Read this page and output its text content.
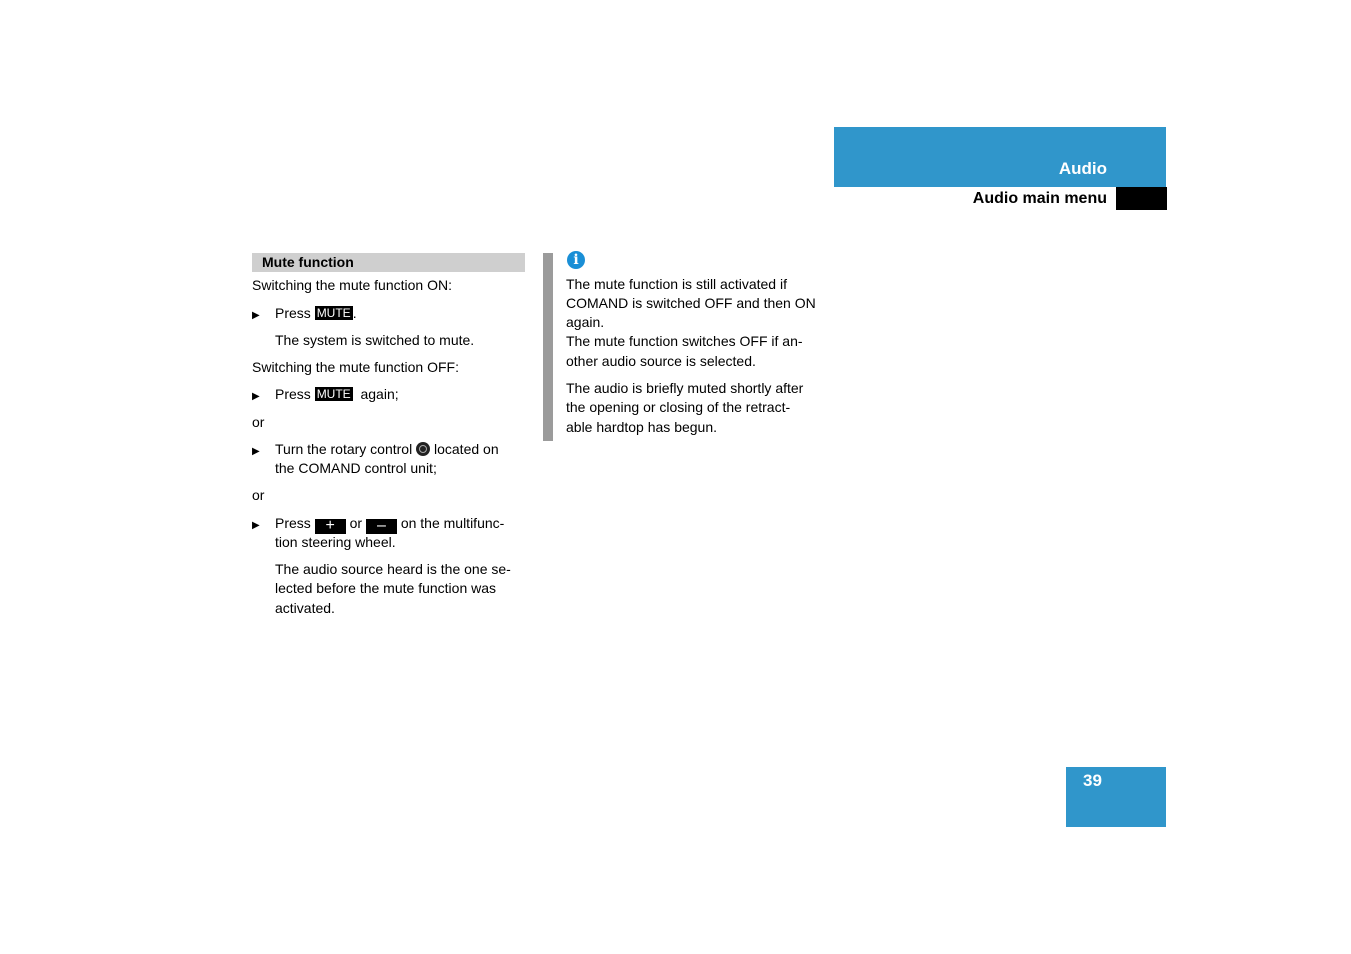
Audio
Audio main menu
Mute function
Switching the mute function ON:
▶ Press MUTE .
The system is switched to mute.
Switching the mute function OFF:
▶ Press MUTE again;
or
▶ Turn the rotary control located on
the COMAND control unit;
or
▶ Press + or – on the multifunc-
tion steering wheel.
The audio source heard is the one se-
lected before the mute function was
activated.
i
The mute function is still activated if
COMAND is switched OFF and then ON
again.
The mute function switches OFF if an-
other audio source is selected.
The audio is briefly muted shortly after
the opening or closing of the retract-
able hardtop has begun.
39
